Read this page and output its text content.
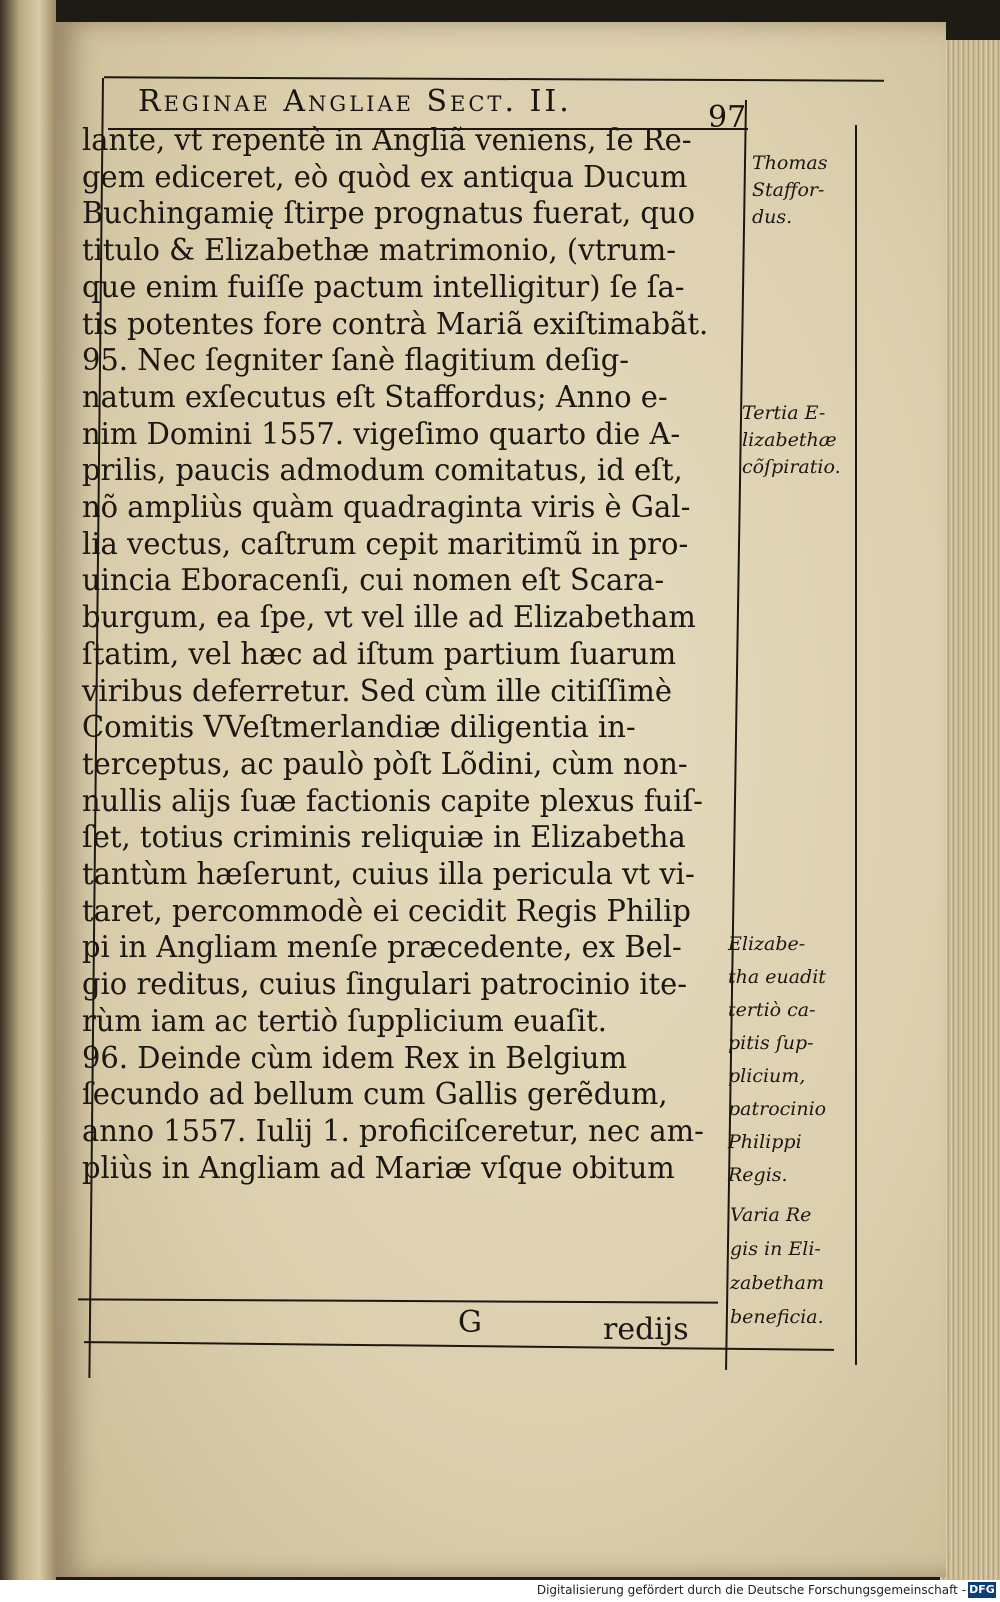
Reginae Angliae Sect. II.	97
lante, vt repentè in Angliã veniens, ſe Re-
gem ediceret, eò quòd ex antiqua Ducum
Buchingamię ſtirpe prognatus fuerat, quo
titulo & Elizabethæ matrimonio, (vtrum-
que enim fuiſſe pactum intelligitur) ſe ſa-
tis potentes fore contrà Mariã exiſtimabãt.
95. Nec ſegniter ſanè flagitium deſig-
natum exſecutus eſt Staffordus; Anno e-
nim Domini 1557. vigeſimo quarto die A-
prilis, paucis admodum comitatus, id eſt,
nõ ampliùs quàm quadraginta viris è Gal-
lia vectus, caſtrum cepit maritimũ in pro-
uincia Eboracenſi, cui nomen eſt Scara-
burgum, ea ſpe, vt vel ille ad Elizabetham
ſtatim, vel hæc ad iſtum partium ſuarum
viribus deferretur. Sed cùm ille citiſſimè
Comitis VVeſtmerlandiæ diligentia in-
terceptus, ac paulò pòſt Lõdini, cùm non-
nullis alijs ſuæ factionis capite plexus fuiſ-
ſet, totius criminis reliquiæ in Elizabetha
tantùm hæſerunt, cuius illa pericula vt vi-
taret, percommodè ei cecidit Regis Philip
pi in Angliam menſe præcedente, ex Bel-
gio reditus, cuius ſingulari patrocinio ite-
rùm iam ac tertiò ſupplicium euaſit.
96. Deinde cùm idem Rex in Belgium
ſecundo ad bellum cum Gallis gerẽdum,
anno 1557. Iulij 1. proficiſceretur, nec am-
pliùs in Angliam ad Mariæ vſque obitum
Thomas
Staffor-
dus.
Tertia E-
lizabethæ
cõſpiratio.
Elizabe-
tha euadit
tertiò ca-
pitis ſup-
plicium,
patrocinio
Philippi
Regis.
Varia Re
gis in Eli-
zabetham
beneficia.
G	redijs
Digitalisierung gefördert durch die Deutsche Forschungsgemeinschaft - DFG
